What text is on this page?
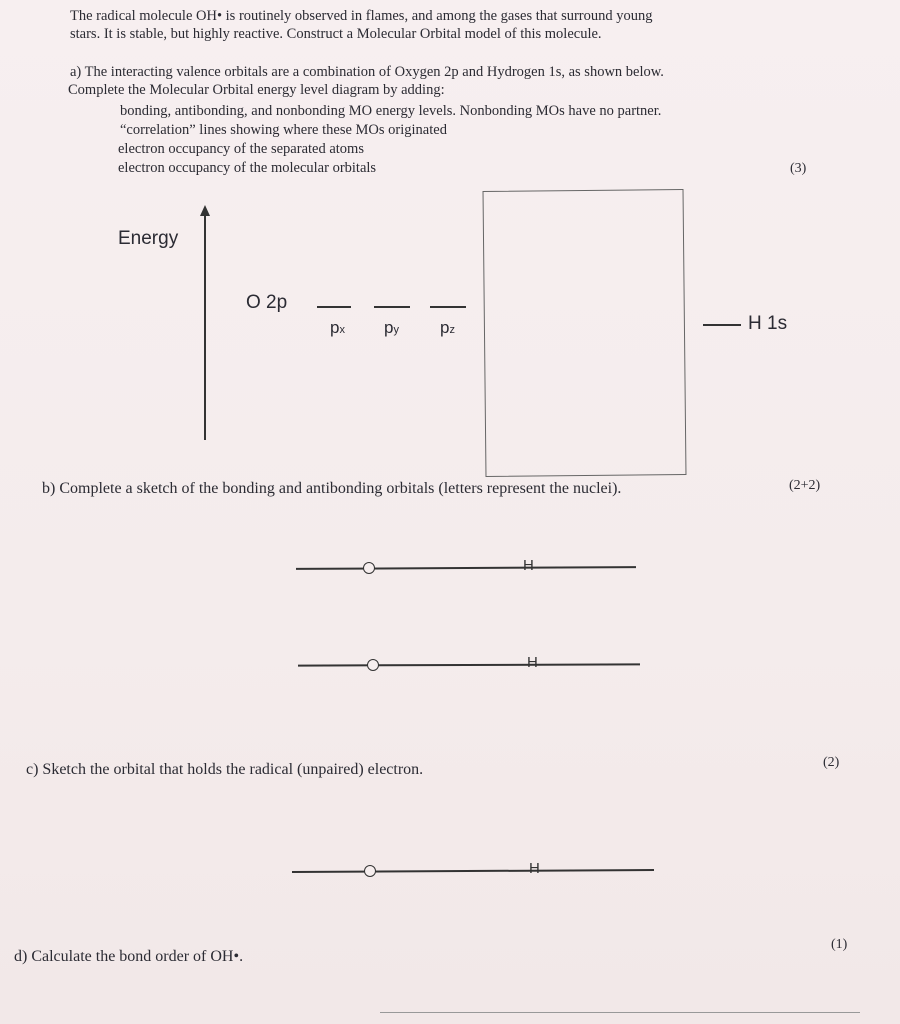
The radical molecule OH• is routinely observed in flames, and among the gases that surround young
stars. It is stable, but highly reactive. Construct a Molecular Orbital model of this molecule.
a) The interacting valence orbitals are a combination of Oxygen 2p and Hydrogen 1s, as shown below.
Complete the Molecular Orbital energy level diagram by adding:
bonding, antibonding, and nonbonding MO energy levels. Nonbonding MOs have no partner.
“correlation” lines showing where these MOs originated
electron occupancy of the separated atoms
electron occupancy of the molecular orbitals	(3)
Energy
O 2p
px py pz	H 1s
b) Complete a sketch of the bonding and antibonding orbitals (letters represent the nuclei).	(2+2)
H
H
c) Sketch the orbital that holds the radical (unpaired) electron.	(2)
H
d) Calculate the bond order of OH•.
(1)
